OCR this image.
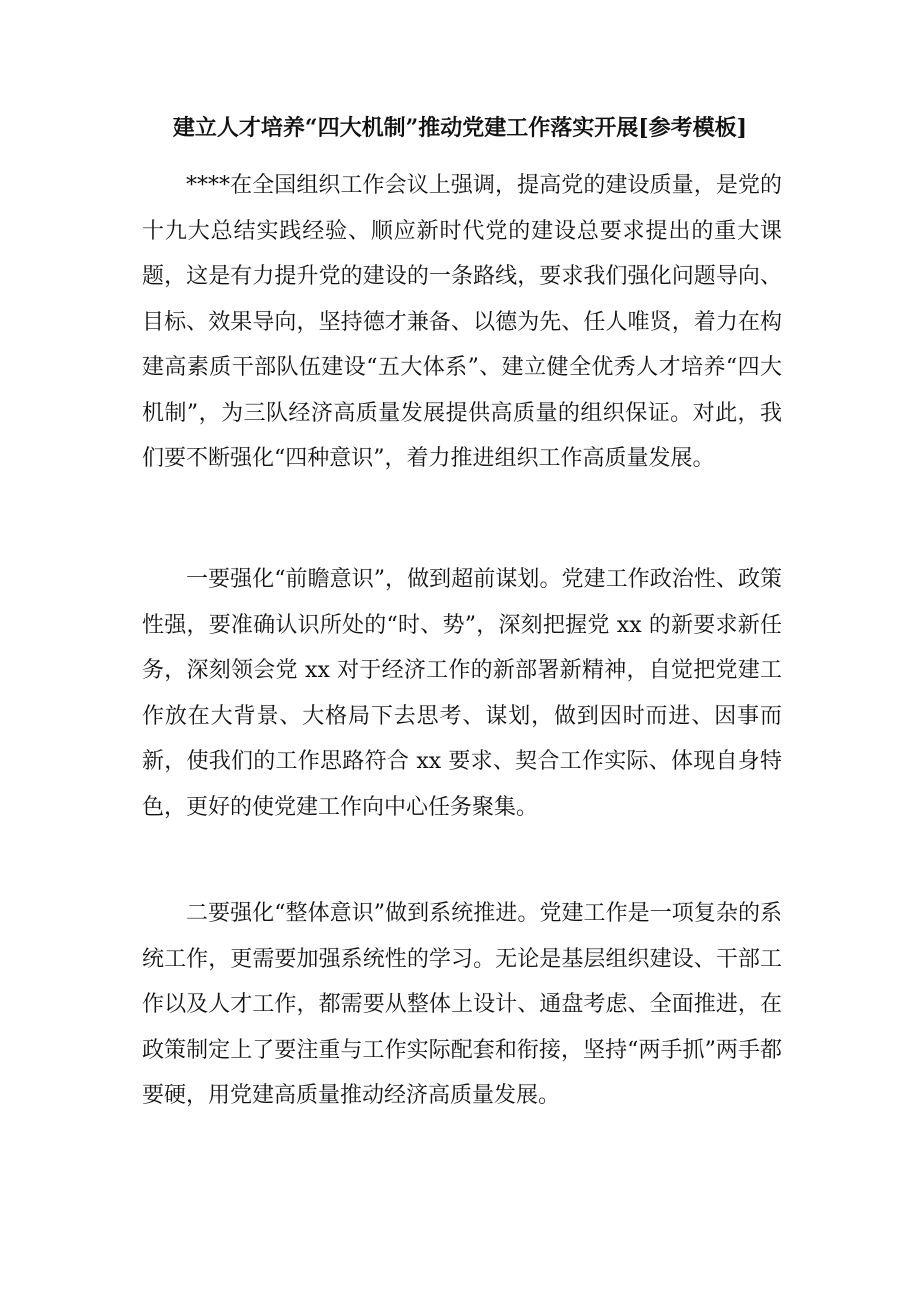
建立人才培养“四大机制”推动党建工作落实开展[参考模板]

****在全国组织工作会议上强调，提高党的建设质量，是党的十九大总结实践经验、顺应新时代党的建设总要求提出的重大课题，这是有力提升党的建设的一条路线，要求我们强化问题导向、目标、效果导向，坚持德才兼备、以德为先、任人唯贤，着力在构建高素质干部队伍建设“五大体系”、建立健全优秀人才培养“四大机制”，为三队经济高质量发展提供高质量的组织保证。对此，我们要不断强化“四种意识”，着力推进组织工作高质量发展。

一要强化“前瞻意识”，做到超前谋划。党建工作政治性、政策性强，要准确认识所处的“时、势”，深刻把握党 xx 的新要求新任务，深刻领会党 xx 对于经济工作的新部署新精神，自觉把党建工作放在大背景、大格局下去思考、谋划，做到因时而进、因事而新，使我们的工作思路符合 xx 要求、契合工作实际、体现自身特色，更好的使党建工作向中心任务聚集。

二要强化“整体意识”做到系统推进。党建工作是一项复杂的系统工作，更需要加强系统性的学习。无论是基层组织建设、干部工作以及人才工作，都需要从整体上设计、通盘考虑、全面推进，在政策制定上了要注重与工作实际配套和衔接，坚持“两手抓”两手都要硬，用党建高质量推动经济高质量发展。
